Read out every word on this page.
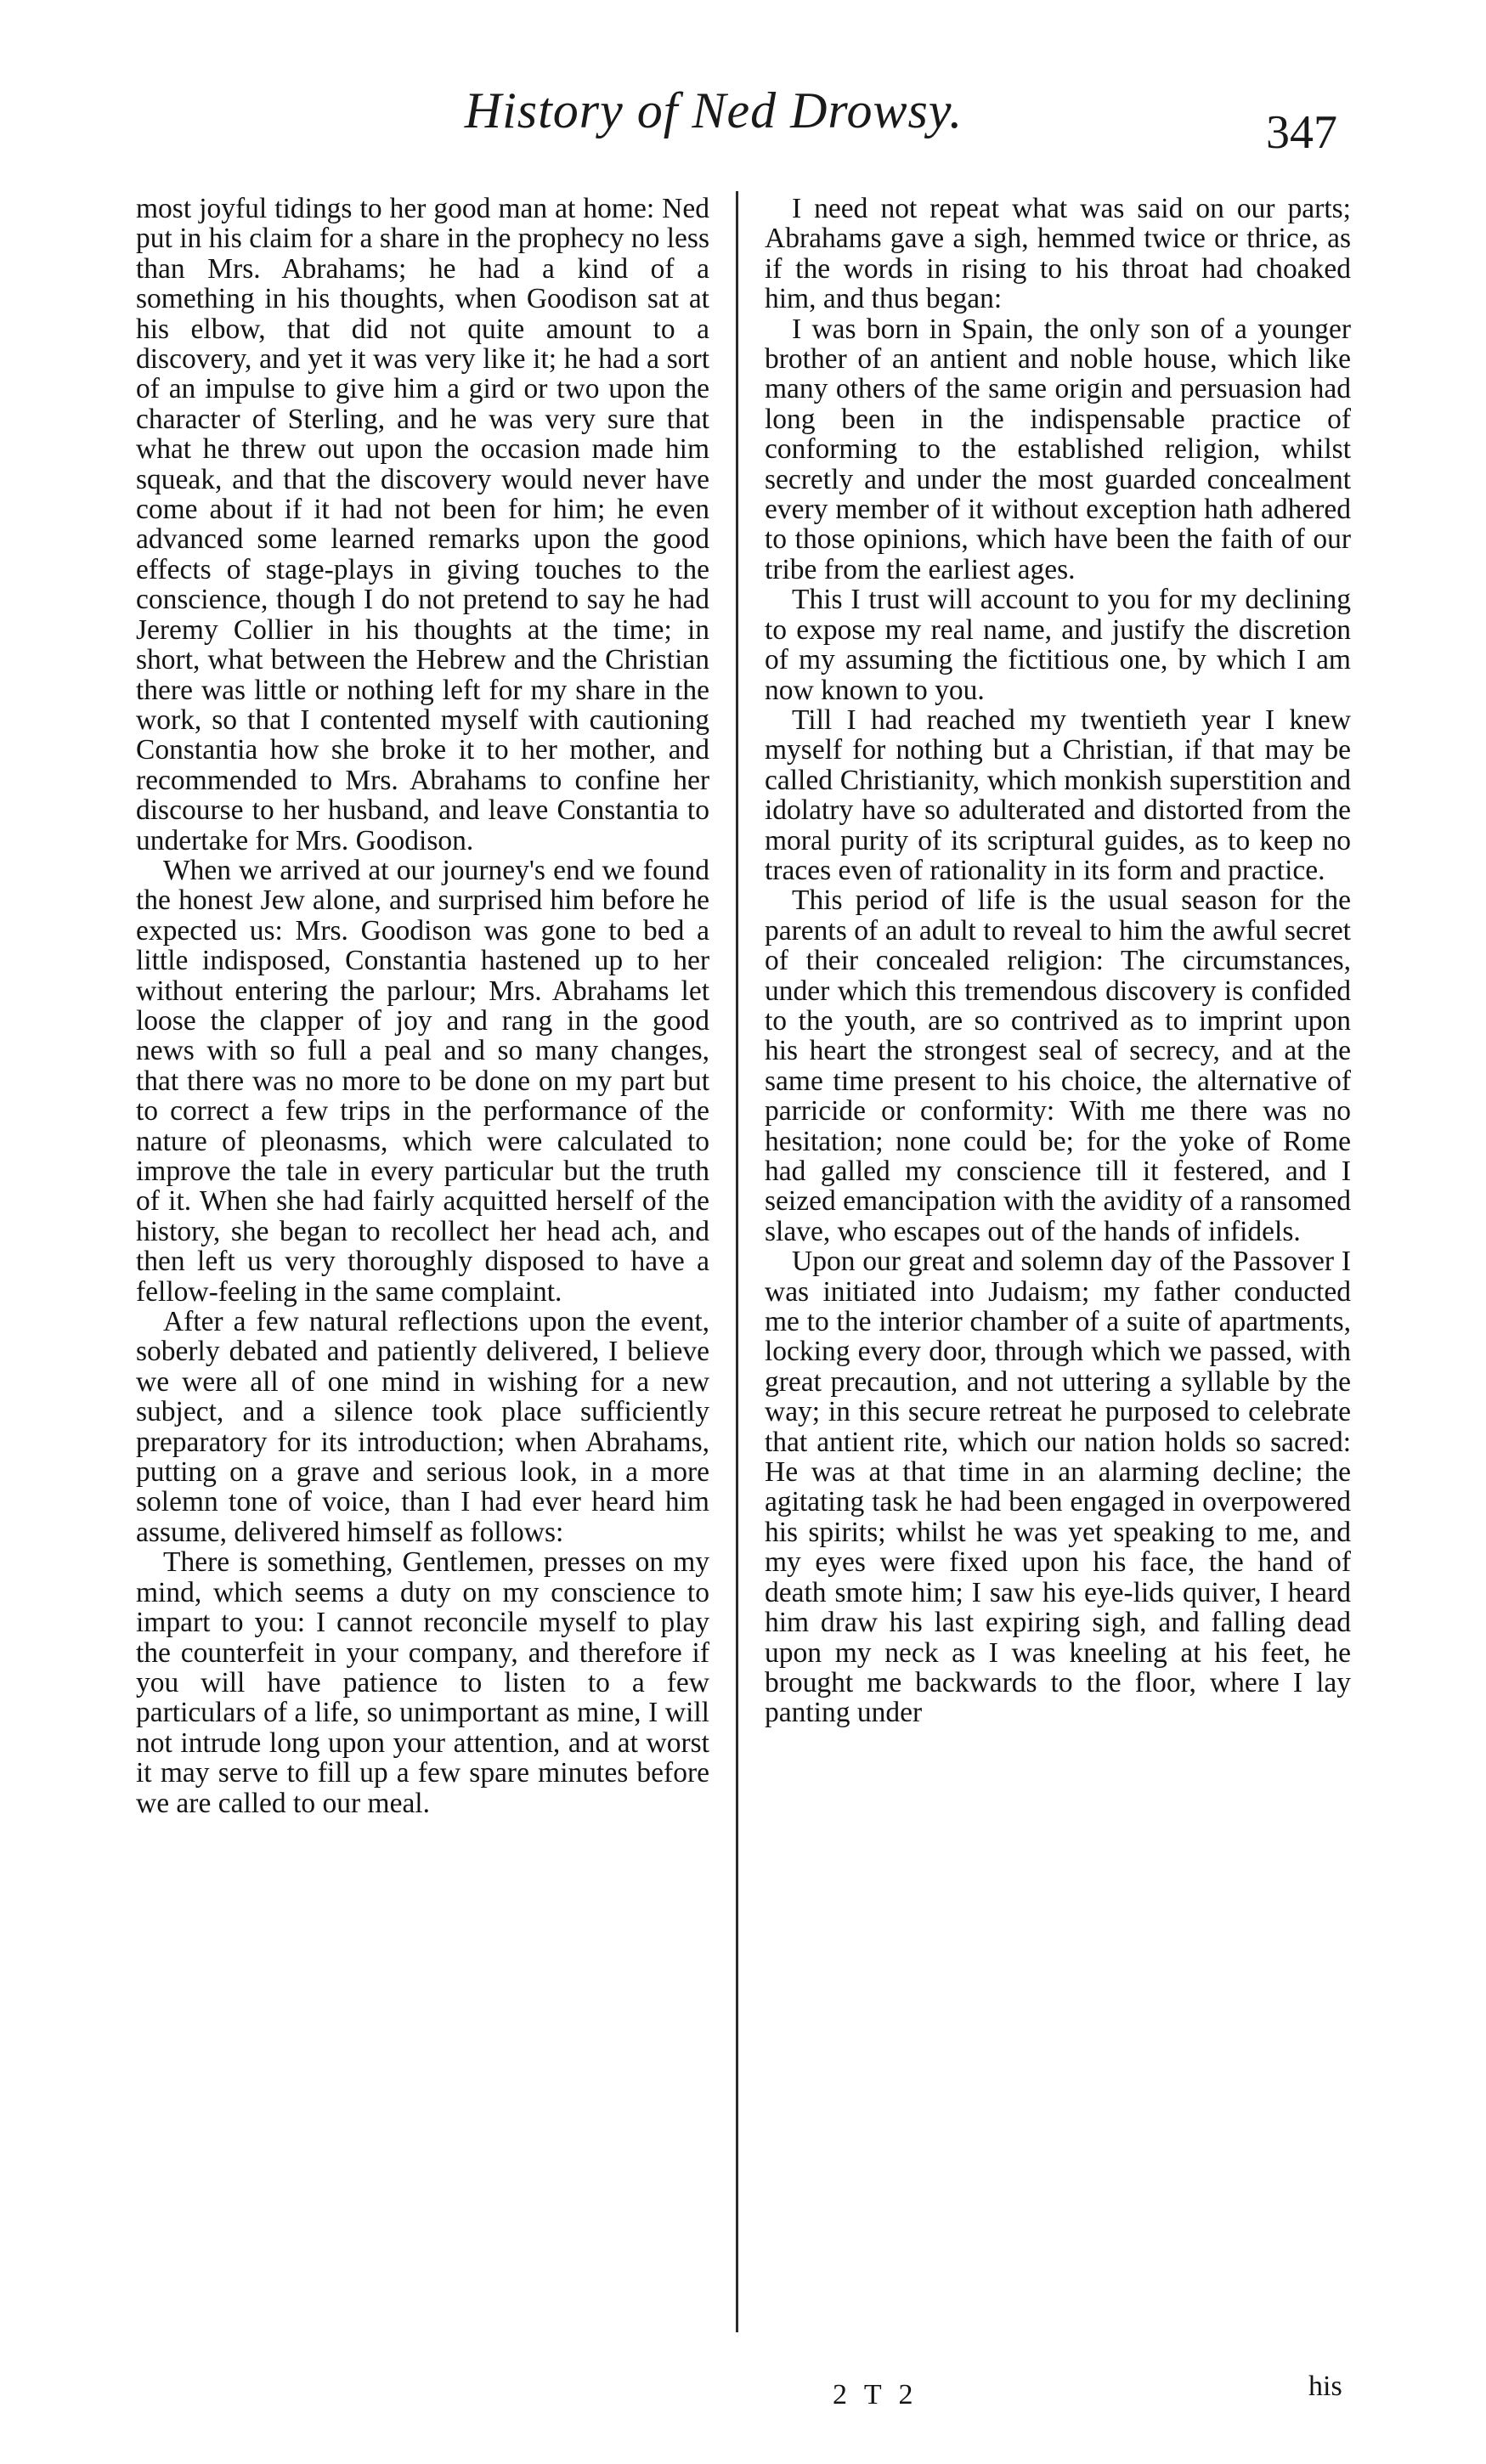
History of Ned Drowsy.	347

most joyful tidings to her good man at home: Ned put in his claim for a share in the prophecy no less than Mrs. Abrahams; he had a kind of a something in his thoughts, when Goodison sat at his elbow, that did not quite amount to a discovery, and yet it was very like it; he had a sort of an impulse to give him a gird or two upon the character of Sterling, and he was very sure that what he threw out upon the occasion made him squeak, and that the discovery would never have come about if it had not been for him; he even advanced some learned remarks upon the good effects of stage-plays in giving touches to the conscience, though I do not pretend to say he had Jeremy Collier in his thoughts at the time; in short, what between the Hebrew and the Christian there was little or nothing left for my share in the work, so that I contented myself with cautioning Constantia how she broke it to her mother, and recommended to Mrs. Abrahams to confine her discourse to her husband, and leave Constantia to undertake for Mrs. Goodison.

When we arrived at our journey's end we found the honest Jew alone, and surprised him before he expected us: Mrs. Goodison was gone to bed a little indisposed, Constantia hastened up to her without entering the parlour; Mrs. Abrahams let loose the clapper of joy and rang in the good news with so full a peal and so many changes, that there was no more to be done on my part but to correct a few trips in the performance of the nature of pleonasms, which were calculated to improve the tale in every particular but the truth of it. When she had fairly acquitted herself of the history, she began to recollect her head ach, and then left us very thoroughly disposed to have a fellow-feeling in the same complaint.

After a few natural reflections upon the event, soberly debated and patiently delivered, I believe we were all of one mind in wishing for a new subject, and a silence took place sufficiently preparatory for its introduction; when Abrahams, putting on a grave and serious look, in a more solemn tone of voice, than I had ever heard him assume, delivered himself as follows:

There is something, Gentlemen, presses on my mind, which seems a duty on my conscience to impart to you: I cannot reconcile myself to play the counterfeit in your company, and therefore if you will have patience to listen to a few particulars of a life, so unimportant as mine, I will not intrude long upon your attention, and at worst it may serve to fill up a few spare minutes before we are called to our meal.

I need not repeat what was said on our parts; Abrahams gave a sigh, hemmed twice or thrice, as if the words in rising to his throat had choaked him, and thus began:

I was born in Spain, the only son of a younger brother of an antient and noble house, which like many others of the same origin and persuasion had long been in the indispensable practice of conforming to the established religion, whilst secretly and under the most guarded concealment every member of it without exception hath adhered to those opinions, which have been the faith of our tribe from the earliest ages.

This I trust will account to you for my declining to expose my real name, and justify the discretion of my assuming the fictitious one, by which I am now known to you.

Till I had reached my twentieth year I knew myself for nothing but a Christian, if that may be called Christianity, which monkish superstition and idolatry have so adulterated and distorted from the moral purity of its scriptural guides, as to keep no traces even of rationality in its form and practice.

This period of life is the usual season for the parents of an adult to reveal to him the awful secret of their concealed religion: The circumstances, under which this tremendous discovery is confided to the youth, are so contrived as to imprint upon his heart the strongest seal of secrecy, and at the same time present to his choice, the alternative of parricide or conformity: With me there was no hesitation; none could be; for the yoke of Rome had galled my conscience till it festered, and I seized emancipation with the avidity of a ransomed slave, who escapes out of the hands of infidels.

Upon our great and solemn day of the Passover I was initiated into Judaism; my father conducted me to the interior chamber of a suite of apartments, locking every door, through which we passed, with great precaution, and not uttering a syllable by the way; in this secure retreat he purposed to celebrate that antient rite, which our nation holds so sacred: He was at that time in an alarming decline; the agitating task he had been engaged in overpowered his spirits; whilst he was yet speaking to me, and my eyes were fixed upon his face, the hand of death smote him; I saw his eye-lids quiver, I heard him draw his last expiring sigh, and falling dead upon my neck as I was kneeling at his feet, he brought me backwards to the floor, where I lay panting under

2 T 2	his
